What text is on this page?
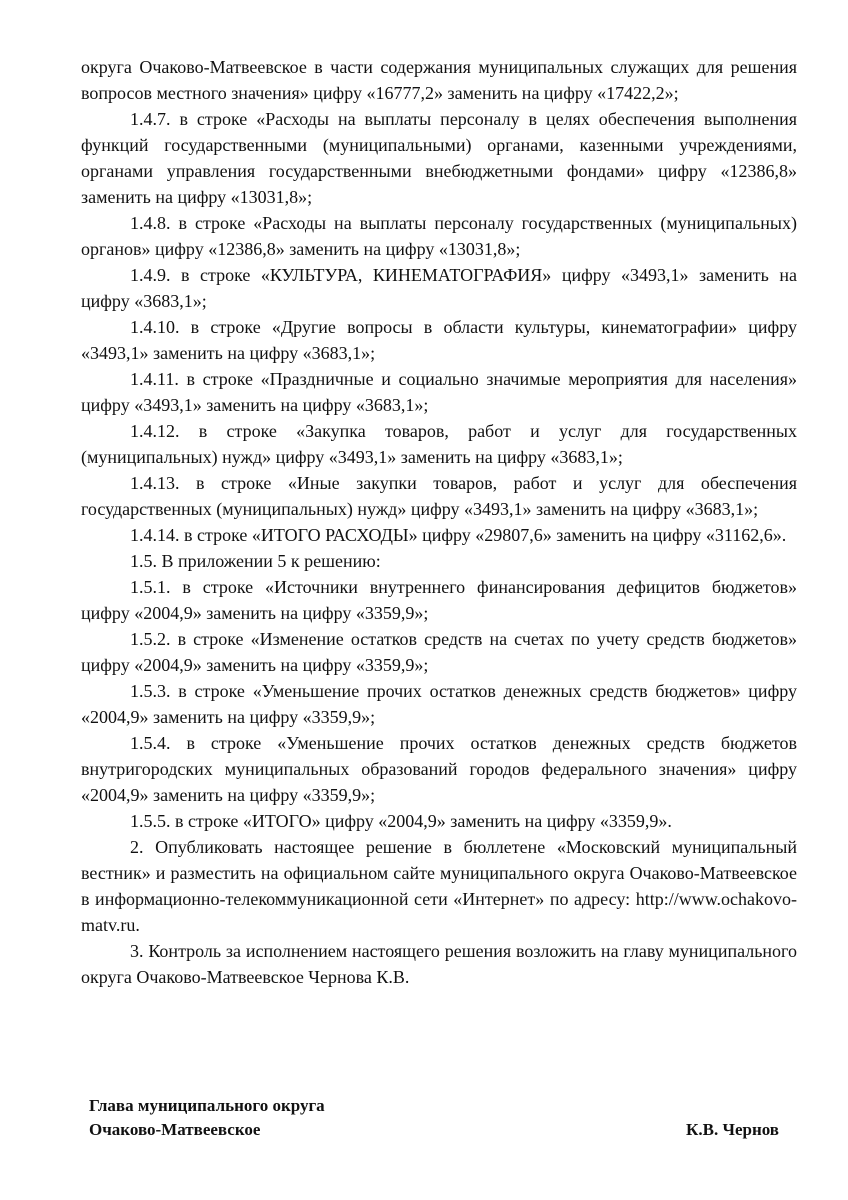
округа Очаково-Матвеевское в части содержания муниципальных служащих для решения вопросов местного значения» цифру «16777,2» заменить на цифру «17422,2»;

1.4.7. в строке «Расходы на выплаты персоналу в целях обеспечения выполнения функций государственными (муниципальными) органами, казенными учреждениями, органами управления государственными внебюджетными фондами» цифру «12386,8» заменить на цифру «13031,8»;

1.4.8. в строке «Расходы на выплаты персоналу государственных (муниципальных) органов» цифру «12386,8» заменить на цифру «13031,8»;

1.4.9. в строке «КУЛЬТУРА, КИНЕМАТОГРАФИЯ» цифру «3493,1» заменить на цифру «3683,1»;

1.4.10. в строке «Другие вопросы в области культуры, кинематографии» цифру «3493,1» заменить на цифру «3683,1»;

1.4.11. в строке «Праздничные и социально значимые мероприятия для населения» цифру «3493,1» заменить на цифру «3683,1»;

1.4.12. в строке «Закупка товаров, работ и услуг для государственных (муниципальных) нужд» цифру «3493,1» заменить на цифру «3683,1»;

1.4.13. в строке «Иные закупки товаров, работ и услуг для обеспечения государственных (муниципальных) нужд» цифру «3493,1» заменить на цифру «3683,1»;

1.4.14. в строке «ИТОГО РАСХОДЫ» цифру «29807,6» заменить на цифру «31162,6».

1.5. В приложении 5 к решению:

1.5.1. в строке «Источники внутреннего финансирования дефицитов бюджетов» цифру «2004,9» заменить на цифру «3359,9»;

1.5.2. в строке «Изменение остатков средств на счетах по учету средств бюджетов» цифру «2004,9» заменить на цифру «3359,9»;

1.5.3. в строке «Уменьшение прочих остатков денежных средств бюджетов» цифру «2004,9» заменить на цифру «3359,9»;

1.5.4. в строке «Уменьшение прочих остатков денежных средств бюджетов внутригородских муниципальных образований городов федерального значения» цифру «2004,9» заменить на цифру «3359,9»;

1.5.5. в строке «ИТОГО» цифру «2004,9» заменить на цифру «3359,9».

2. Опубликовать настоящее решение в бюллетене «Московский муниципальный вестник» и разместить на официальном сайте муниципального округа Очаково-Матвеевское в информационно-телекоммуникационной сети «Интернет» по адресу: http://www.ochakovo-matv.ru.

3. Контроль за исполнением настоящего решения возложить на главу муниципального округа Очаково-Матвеевское Чернова К.В.

Глава муниципального округа
Очаково-Матвеевское	К.В. Чернов
